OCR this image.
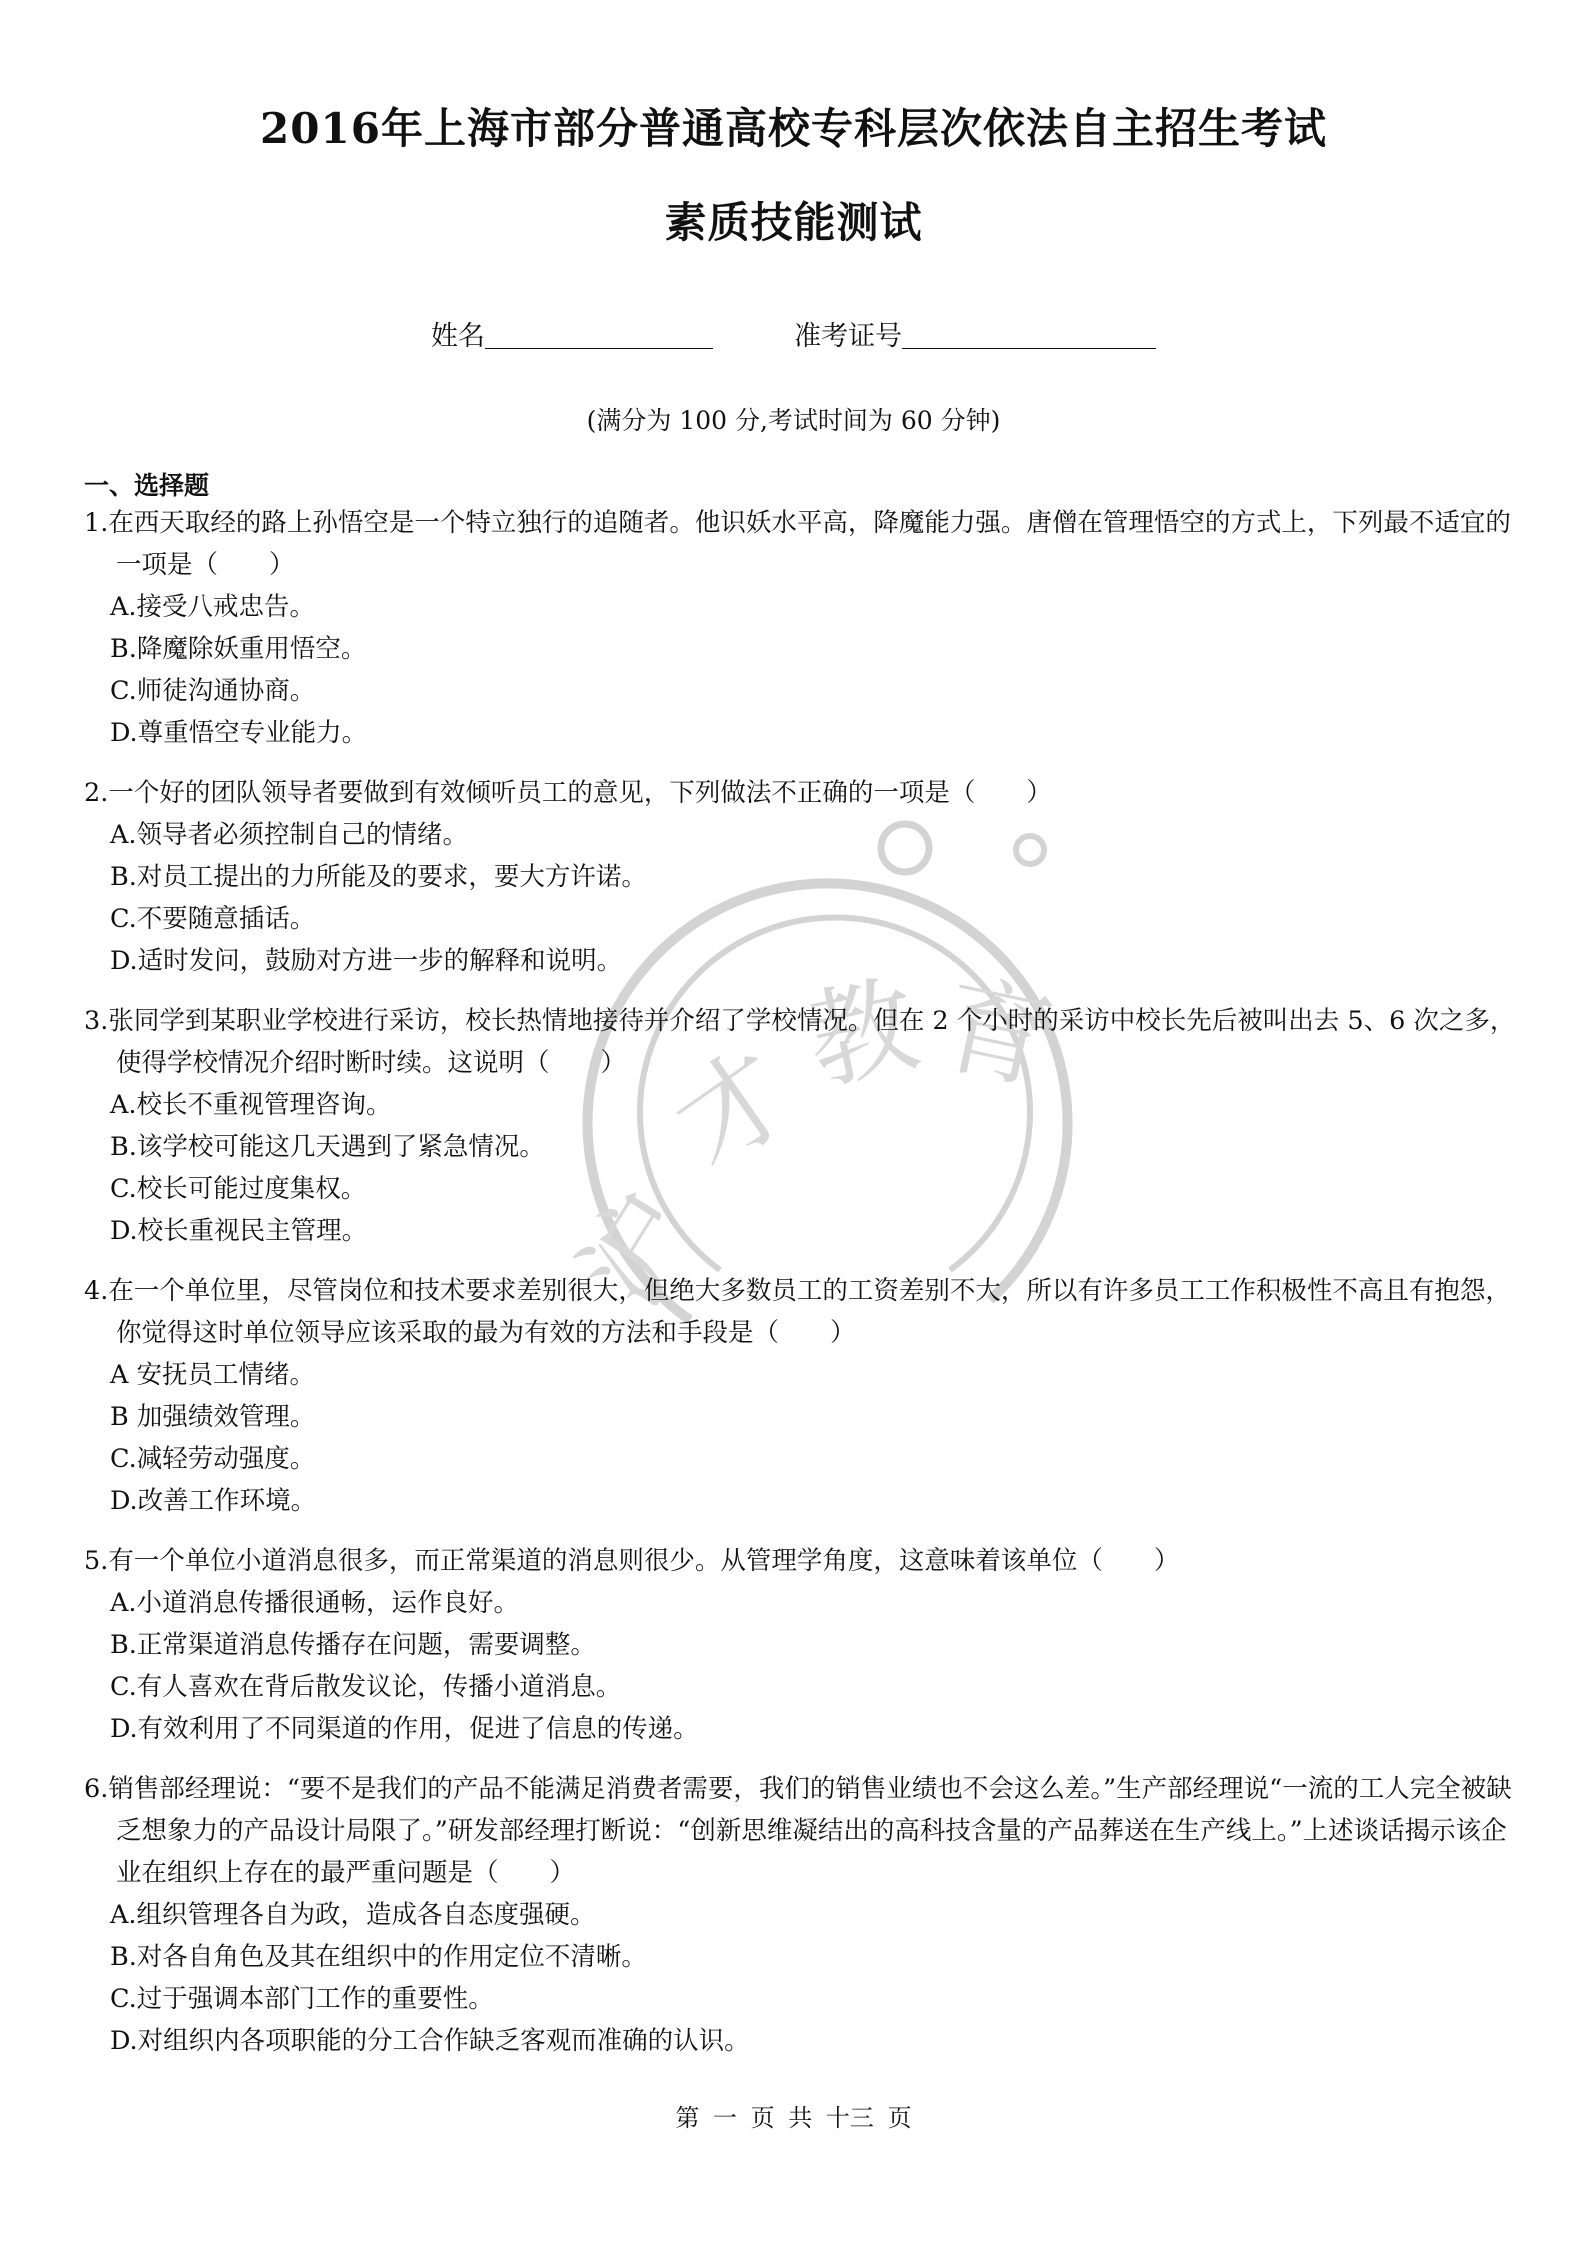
沪
才
教 育
2016年上海市部分普通高校专科层次依法自主招生考试
素质技能测试
姓名	准考证号
(满分为 100 分,考试时间为 60 分钟)
一、选择题
1.在西天取经的路上孙悟空是一个特立独行的追随者。他识妖水平高，降魔能力强。唐僧在管理悟空的方式上，下列最不适宜的一项是（　　）
A.接受八戒忠告。
B.降魔除妖重用悟空。
C.师徒沟通协商。
D.尊重悟空专业能力。
2.一个好的团队领导者要做到有效倾听员工的意见，下列做法不正确的一项是（　　）
A.领导者必须控制自己的情绪。
B.对员工提出的力所能及的要求，要大方许诺。
C.不要随意插话。
D.适时发问，鼓励对方进一步的解释和说明。
3.张同学到某职业学校进行采访，校长热情地接待并介绍了学校情况。但在 2 个小时的采访中校长先后被叫出去 5、6 次之多，使得学校情况介绍时断时续。这说明（　　）
A.校长不重视管理咨询。
B.该学校可能这几天遇到了紧急情况。
C.校长可能过度集权。
D.校长重视民主管理。
4.在一个单位里，尽管岗位和技术要求差别很大，但绝大多数员工的工资差别不大，所以有许多员工工作积极性不高且有抱怨，你觉得这时单位领导应该采取的最为有效的方法和手段是（　　）
A 安抚员工情绪。
B 加强绩效管理。
C.减轻劳动强度。
D.改善工作环境。
5.有一个单位小道消息很多，而正常渠道的消息则很少。从管理学角度，这意味着该单位（　　）
A.小道消息传播很通畅，运作良好。
B.正常渠道消息传播存在问题，需要调整。
C.有人喜欢在背后散发议论，传播小道消息。
D.有效利用了不同渠道的作用，促进了信息的传递。
6.销售部经理说：“要不是我们的产品不能满足消费者需要，我们的销售业绩也不会这么差。”生产部经理说“一流的工人完全被缺乏想象力的产品设计局限了。”研发部经理打断说：“创新思维凝结出的高科技含量的产品葬送在生产线上。”上述谈话揭示该企业在组织上存在的最严重问题是（　　）
A.组织管理各自为政，造成各自态度强硬。
B.对各自角色及其在组织中的作用定位不清晰。
C.过于强调本部门工作的重要性。
D.对组织内各项职能的分工合作缺乏客观而准确的认识。
第 一 页 共 十三 页
